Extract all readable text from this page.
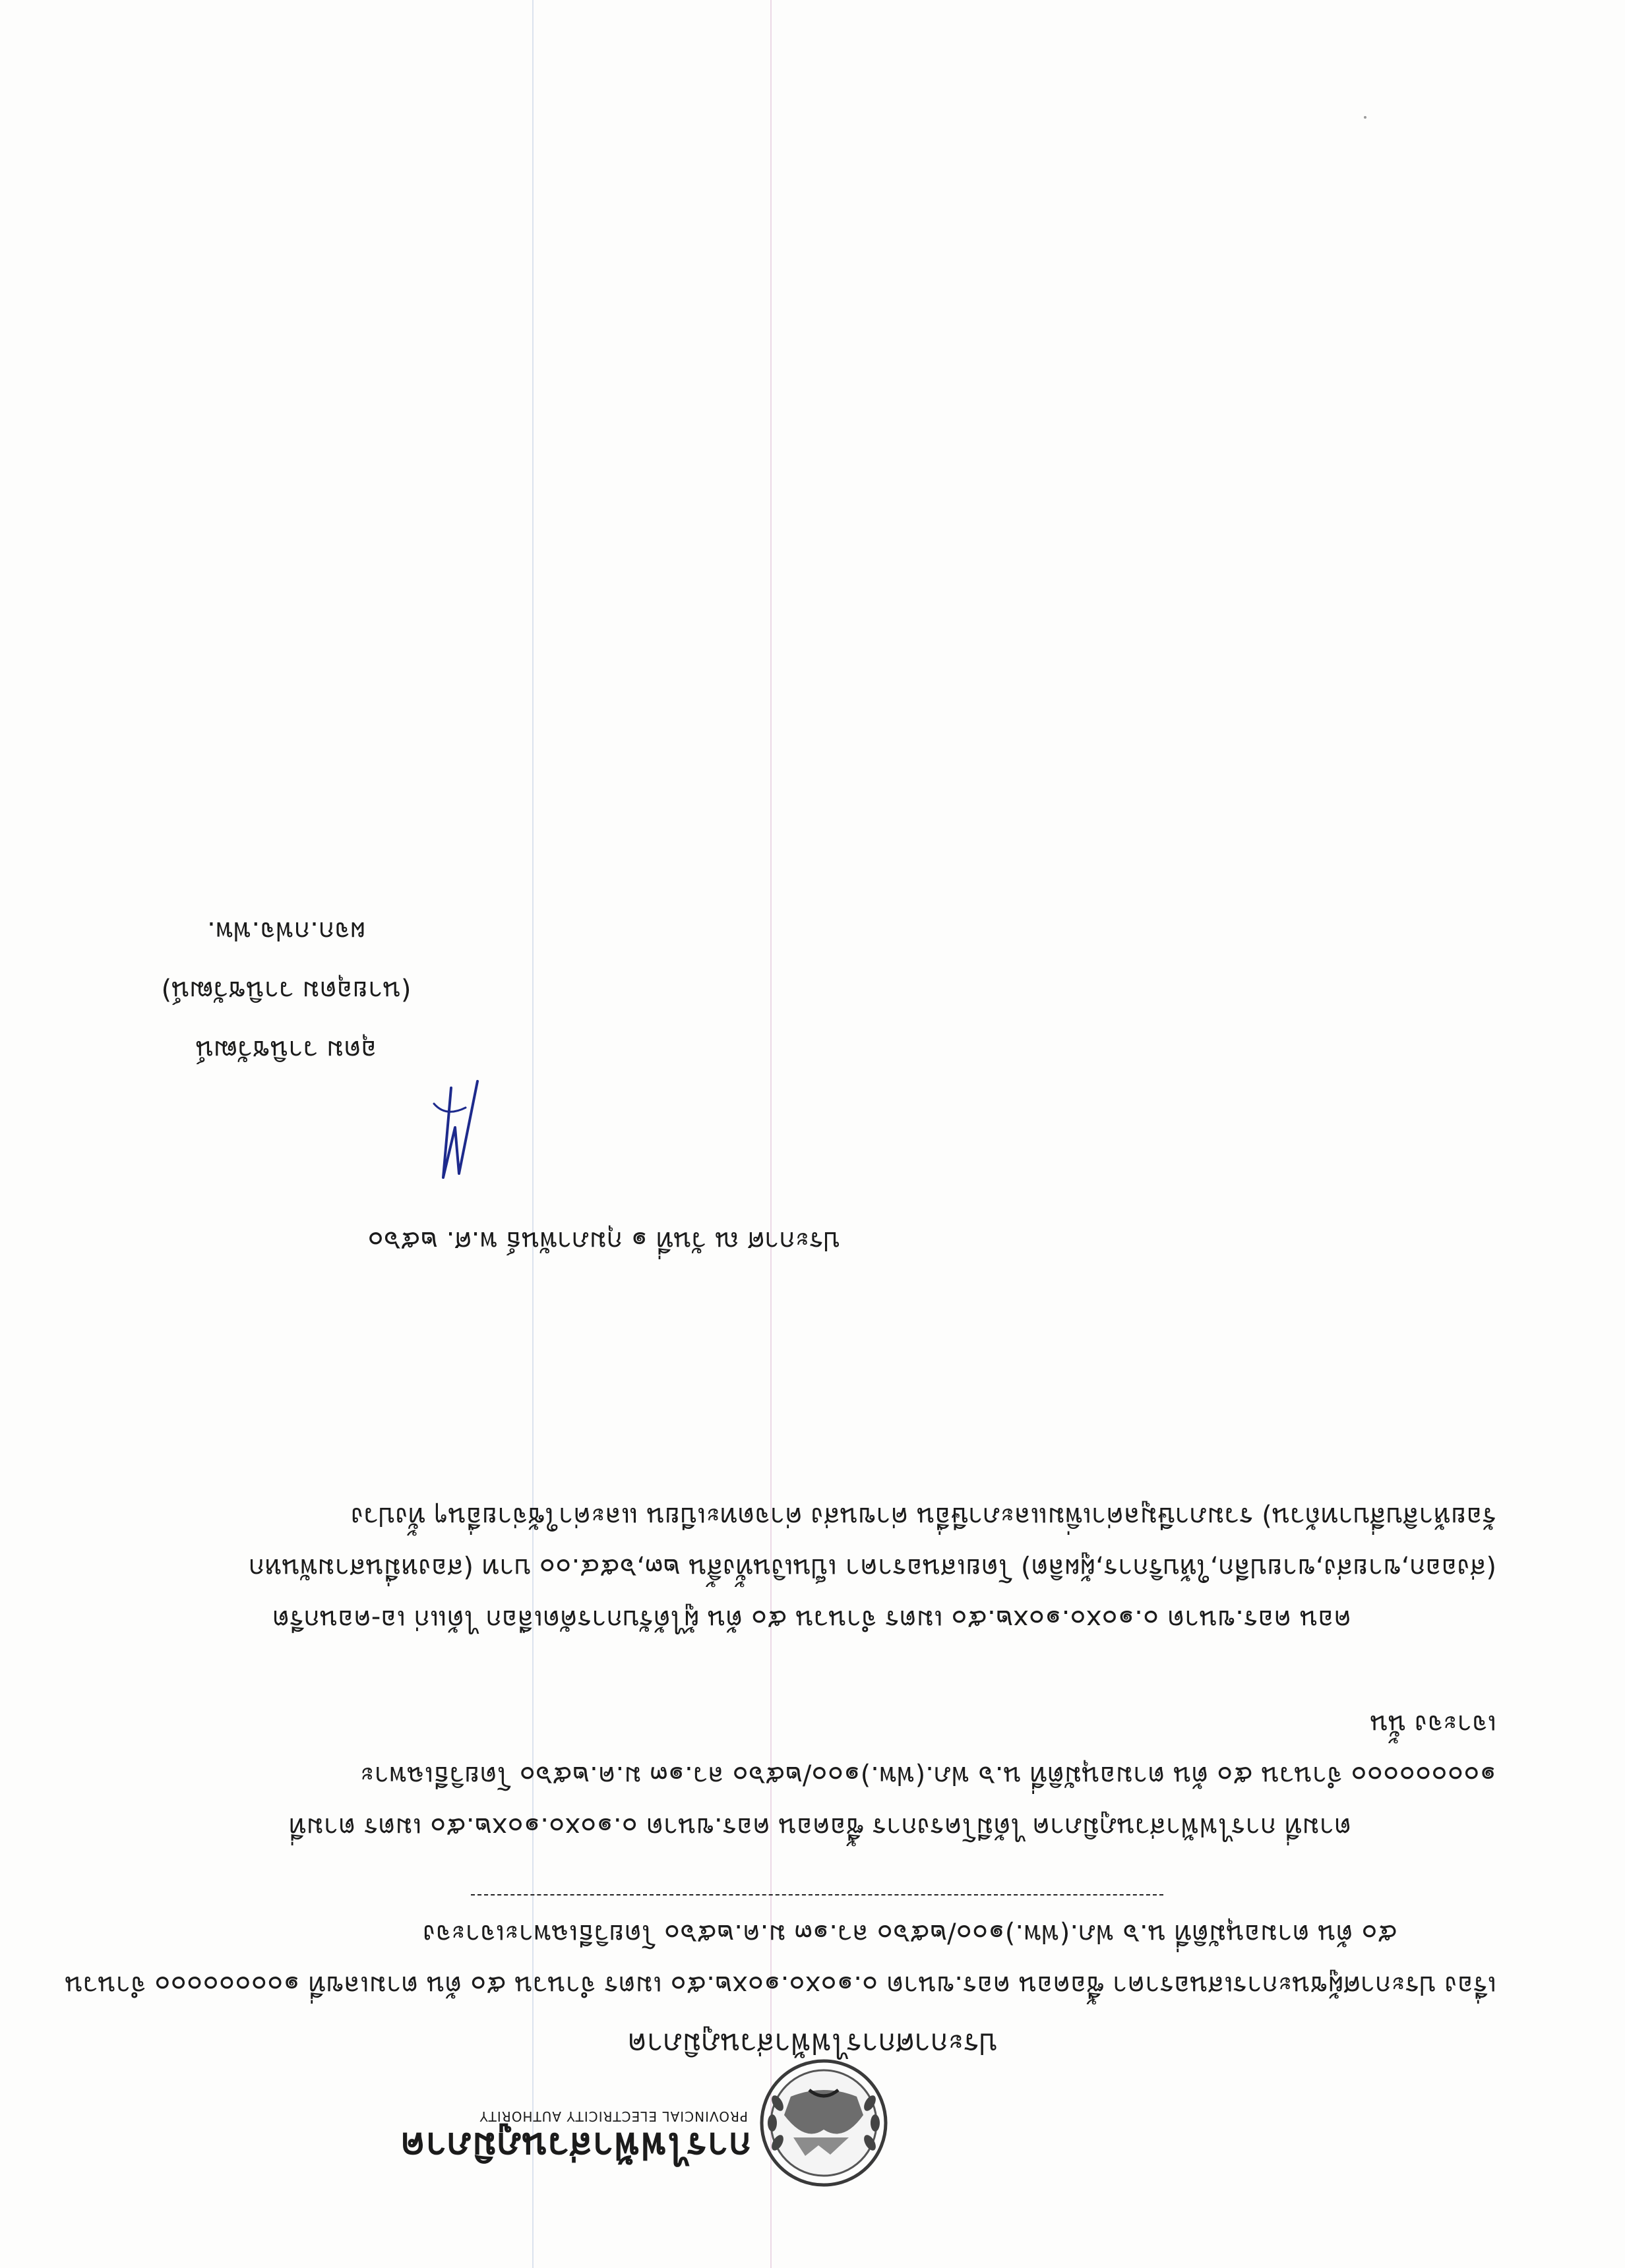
การไฟฟ้าส่วนภูมิภาค
PROVINCIAL ELECTRICITY AUTHORITY
ประกาศการไฟฟ้าส่วนภูมิภาค
เรื่อง ประกาศผู้ชนะการเสนอราคา ซื้อคอน คอร.ขนาด ๐.๑๐x๐.๑๐x๒.๕๐ เมตร จำนวน ๕๐ ต้น ตามเลขที่ ๑๐๐๐๐๐๐๐๐ จำนวน
๕๐ ต้น ตามอนุมัติที่ น.๖ ฟภ.(ฟพ.)๑๐๐/๒๕๖๐ ลว.๑๓ ม.ค.๒๕๖๐ โดยวิธีเฉพาะเจาะจง
ตามที่ การไฟฟ้าส่วนภูมิภาค ได้มีโครงการ ซื้อคอน คอร.ขนาด ๐.๑๐x๐.๑๐x๒.๕๐ เมตร ตามที่
๑๐๐๐๐๐๐๐๐ จำนวน ๕๐ ต้น ตามอนุมัติที่ น.๖ ฟภ.(ฟพ.)๑๐๐/๒๕๖๐ ลว.๑๓ ม.ค.๒๕๖๐ โดยวิธีเฉพาะ
เจาะจง นั้น
คอน คอร.ขนาด ๐.๑๐x๐.๑๐x๒.๕๐ เมตร จำนวน ๕๐ ต้น ผู้ได้รับการคัดเลือก ได้แก่ เอ-คอนกรีต
(ส่งออก,ขายส่ง,ขายปลีก,ให้บริการ,ผู้ผลิต) โดยเสนอราคา เป็นเงินทั้งสิ้น ๒๓,๖๕๔.๐๐ บาท (สองหมื่นสามพันหก
ร้อยห้าสิบสี่บาทถ้วน) รวมภาษีมูลค่าเพิ่มและภาษีอื่น ค่าขนส่ง ค่าจดทะเบียน และค่าใช้จ่ายอื่นๆ ทั้งปวง
ประกาศ ณ วันที่ ๑ กุมภาพันธ์ พ.ศ. ๒๕๖๐
อุดม วานิชวัฒน์
(นายอุดม วานิชวัฒน์)
ผจก.กฟจ.ฟพ.
